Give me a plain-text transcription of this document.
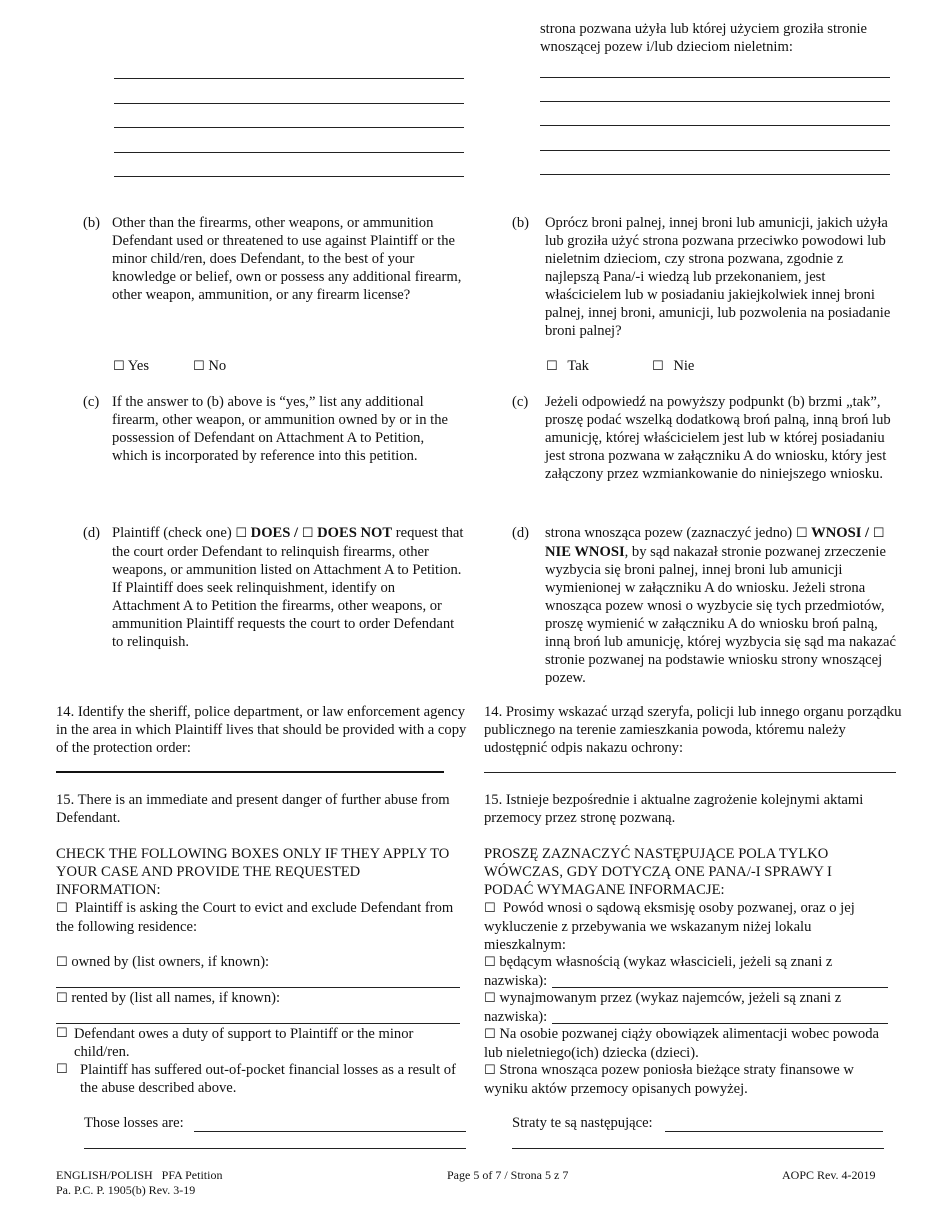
strona pozwana użyła lub której użyciem groziła stronie wnoszącej pozew i/lub dzieciom nieletnim:

(b) Other than the firearms, other weapons, or ammunition Defendant used or threatened to use against Plaintiff or the minor child/ren, does Defendant, to the best of your knowledge or belief, own or possess any additional firearm, other weapon, ammunition, or any firearm license?

(b) Oprócz broni palnej, innej broni lub amunicji, jakich użyła lub groziła użyć strona pozwana przeciwko powodowi lub nieletnim dzieciom, czy strona pozwana, zgodnie z najlepszą Pana/-i wiedzą lub przekonaniem, jest właścicielem lub w posiadaniu jakiejkolwiek innej broni palnej, innej broni, amunicji, lub pozwolenia na posiadanie broni palnej?

☐ Yes	☐ No	☐ Tak	☐ Nie
(c) If the answer to (b) above is “yes,” list any additional firearm, other weapon, or ammunition owned by or in the possession of Defendant on Attachment A to Petition, which is incorporated by reference into this petition.

(c) Jeżeli odpowiedź na powyższy podpunkt (b) brzmi „tak”, proszę podać wszelką dodatkową broń palną, inną broń lub amunicję, której właścicielem jest lub w której posiadaniu jest strona pozwana w załączniku A do wniosku, który jest załączony przez wzmiankowanie do niniejszego wniosku.

(d) Plaintiff (check one) ☐ DOES / ☐ DOES NOT request that the court order Defendant to relinquish firearms, other weapons, or ammunition listed on Attachment A to Petition. If Plaintiff does seek relinquishment, identify on Attachment A to Petition the firearms, other weapons, or ammunition Plaintiff requests the court to order Defendant to relinquish.

(d) strona wnosząca pozew (zaznaczyć jedno) ☐ WNOSI / ☐ NIE WNOSI, by sąd nakazał stronie pozwanej zrzeczenie wyzbycia się broni palnej, innej broni lub amunicji wymienionej w załączniku A do wniosku. Jeżeli strona wnosząca pozew wnosi o wyzbycie się tych przedmiotów, proszę wymienić w załączniku A do wniosku broń palną, inną broń lub amunicję, której wyzbycia się sąd ma nakazać stronie pozwanej na podstawie wniosku strony wnoszącej pozew.

14. Identify the sheriff, police department, or law enforcement agency in the area in which Plaintiff lives that should be provided with a copy of the protection order:

14. Prosimy wskazać urząd szeryfa, policji lub innego organu porządku publicznego na terenie zamieszkania powoda, któremu należy udostępnić odpis nakazu ochrony:

15. There is an immediate and present danger of further abuse from Defendant.

15. Istnieje bezpośrednie i aktualne zagrożenie kolejnymi aktami przemocy przez stronę pozwaną.

CHECK THE FOLLOWING BOXES ONLY IF THEY APPLY TO YOUR CASE AND PROVIDE THE REQUESTED INFORMATION:

PROSZĘ ZAZNACZYĆ NASTĘPUJĄCE POLA TYLKO WÓWCZAS, GDY DOTYCZĄ ONE PANA/-I SPRAWY I PODAĆ WYMAGANE INFORMACJE:

☐ Plaintiff is asking the Court to evict and exclude Defendant from the following residence:

☐ Powód wnosi o sądową eksmisję osoby pozwanej, oraz o jej wykluczenie z przebywania we wskazanym niżej lokalu mieszkalnym:

☐ owned by (list owners, if known):	☐ będącym własnością (wykaz włascicieli, jeżeli są znani z nazwiska):

☐ rented by (list all names, if known):	☐ wynajmowanym przez (wykaz najemców, jeżeli są znani z nazwiska):

☐ Defendant owes a duty of support to Plaintiff or the minor child/ren.

☐ Na osobie pozwanej ciąży obowiązek alimentacji wobec powoda lub nieletniego(ich) dziecka (dzieci).

☐ Plaintiff has suffered out-of-pocket financial losses as a result of the abuse described above.

☐ Strona wnosząca pozew poniosła bieżące straty finansowe w wyniku aktów przemocy opisanych powyżej.

Those losses are:	Straty te są następujące:
ENGLISH/POLISH   PFA Petition
Pa. P.C. P. 1905(b) Rev. 3-19
Page 5 of 7 / Strona 5 z 7	AOPC Rev. 4-2019
